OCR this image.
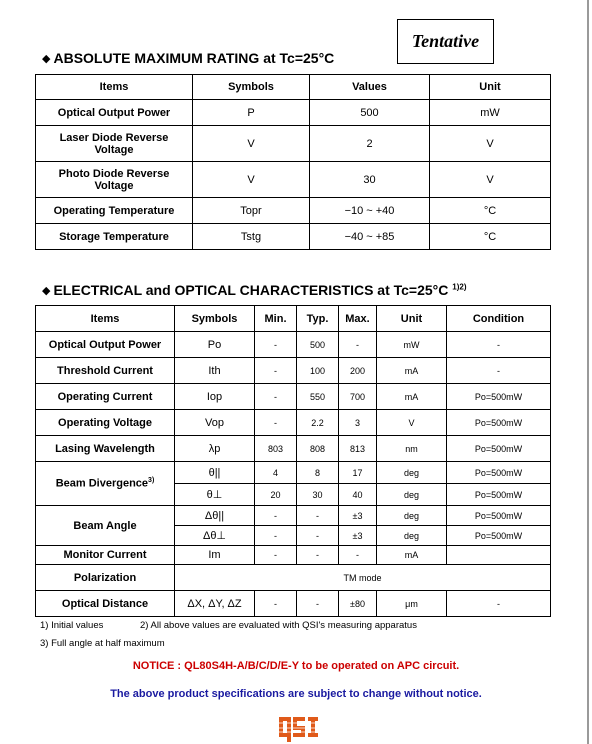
Tentative
◆ ABSOLUTE MAXIMUM RATING at Tc=25°C
Items	Symbols	Values	Unit
Optical Output Power	P	500	mW
Laser Diode Reverse
Voltage	V	2	V
Photo Diode Reverse
Voltage	V	30	V
Operating Temperature	Topr	−10 ~ +40	°C
Storage Temperature	Tstg	−40 ~ +85	°C
◆ ELECTRICAL and OPTICAL CHARACTERISTICS at Tc=25°C $^{1)2)}$
Items	Symbols	Min.	Typ.	Max.	Unit	Condition
Optical Output Power	Po	-	500	-	mW	-
Threshold Current	Ith	-	100	200	mA	-
Operating Current	Iop	-	550	700	mA	Po=500mW
Operating Voltage	Vop	-	2.2	3	V	Po=500mW
Lasing Wavelength	λp	803	808	813	nm	Po=500mW
Beam Divergence$^{3)}$	θ||	4	8	17	deg	Po=500mW
	θ⊥	20	30	40	deg	Po=500mW
Beam Angle	Δθ||	-	-	±3	deg	Po=500mW
	Δθ⊥	-	-	±3	deg	Po=500mW
Monitor Current	Im	-	-	-	mA	
Polarization	TM mode					
Optical Distance	ΔX, ΔY, ΔZ	-	-	±80	μm	-
1) Initial values	2) All above values are evaluated with QSI's measuring apparatus
3) Full angle at half maximum
NOTICE : QL80S4H-A/B/C/D/E-Y to be operated on APC circuit.
The above product specifications are subject to change without notice.
